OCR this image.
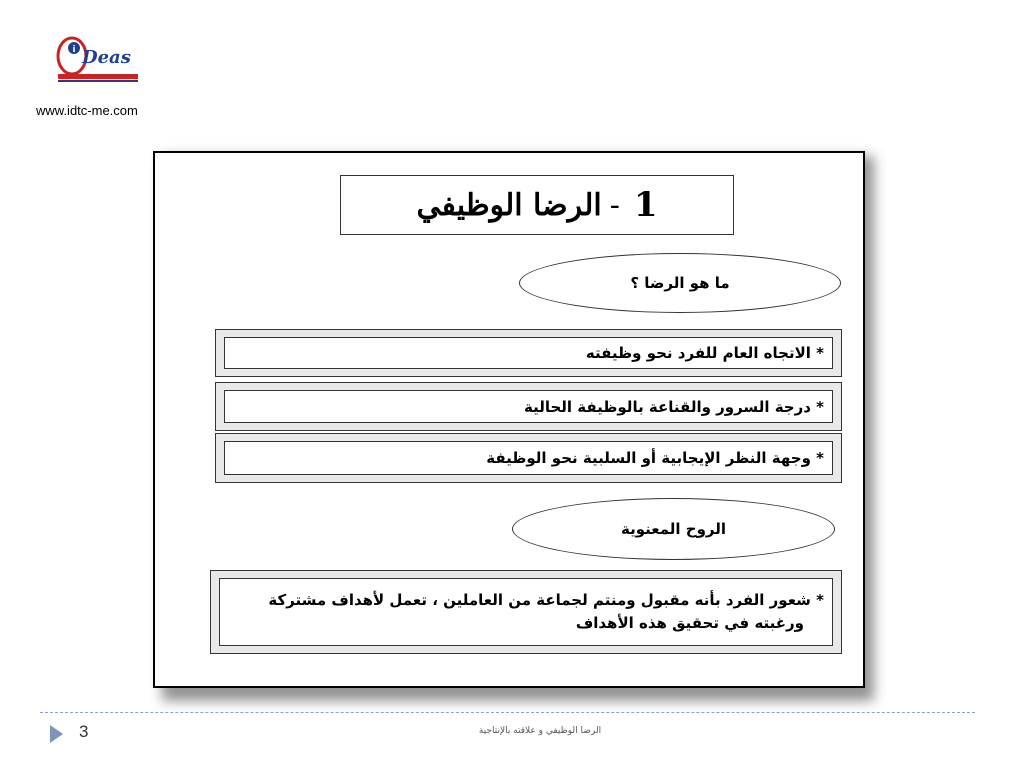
i Deas
www.idtc-me.com
1
-
الرضا الوظيفي
ما هو الرضا ؟
* الاتجاه العام للفرد نحو وظيفته
* درجة السرور والقناعة بالوظيفة الحالية
* وجهة النظر الإيجابية أو السلبية نحو الوظيفة
الروح المعنوية
* شعور الفرد بأنه مقبول ومنتم لجماعة من العاملين ، تعمل لأهداف مشتركة
ورغبته في تحقيق هذه الأهداف
3	الرضا الوظيفي و علاقته بالإنتاجية
